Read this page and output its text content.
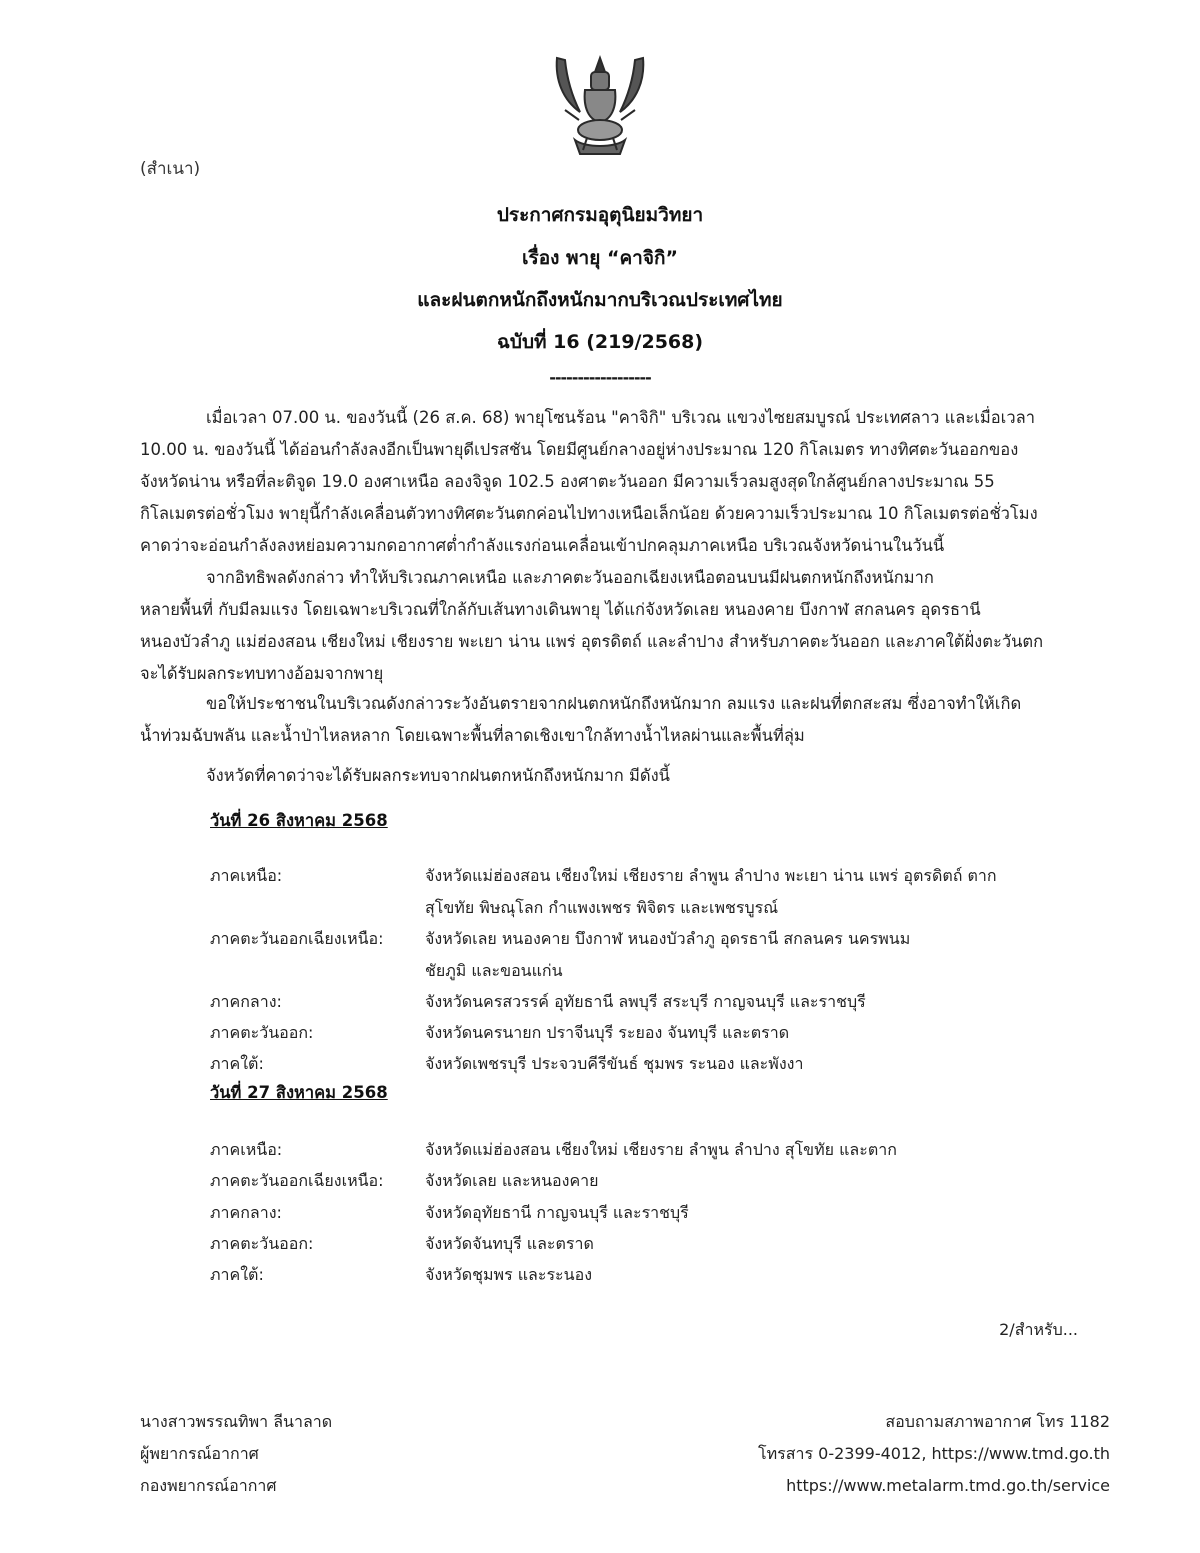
(สำเนา)
ประกาศกรมอุตุนิยมวิทยา
เรื่อง พายุ “คาจิกิ”
และฝนตกหนักถึงหนักมากบริเวณประเทศไทย
ฉบับที่ 16 (219/2568)
------------------
เมื่อเวลา 07.00 น. ของวันนี้ (26 ส.ค. 68) พายุโซนร้อน "คาจิกิ" บริเวณ แขวงไซยสมบูรณ์ ประเทศลาว และเมื่อเวลา
10.00 น. ของวันนี้ ได้อ่อนกำลังลงอีกเป็นพายุดีเปรสชัน โดยมีศูนย์กลางอยู่ห่างประมาณ 120 กิโลเมตร ทางทิศตะวันออกของ
จังหวัดน่าน หรือที่ละติจูด 19.0 องศาเหนือ ลองจิจูด 102.5 องศาตะวันออก มีความเร็วลมสูงสุดใกล้ศูนย์กลางประมาณ 55
กิโลเมตรต่อชั่วโมง พายุนี้กำลังเคลื่อนตัวทางทิศตะวันตกค่อนไปทางเหนือเล็กน้อย ด้วยความเร็วประมาณ 10 กิโลเมตรต่อชั่วโมง
คาดว่าจะอ่อนกำลังลงหย่อมความกดอากาศต่ำกำลังแรงก่อนเคลื่อนเข้าปกคลุมภาคเหนือ บริเวณจังหวัดน่านในวันนี้
จากอิทธิพลดังกล่าว ทำให้บริเวณภาคเหนือ และภาคตะวันออกเฉียงเหนือตอนบนมีฝนตกหนักถึงหนักมาก
หลายพื้นที่ กับมีลมแรง โดยเฉพาะบริเวณที่ใกล้กับเส้นทางเดินพายุ ได้แก่จังหวัดเลย หนองคาย บึงกาฬ สกลนคร อุดรธานี
หนองบัวลำภู แม่ฮ่องสอน เชียงใหม่ เชียงราย พะเยา น่าน แพร่ อุตรดิตถ์ และลำปาง สำหรับภาคตะวันออก และภาคใต้ฝั่งตะวันตก
จะได้รับผลกระทบทางอ้อมจากพายุ
ขอให้ประชาชนในบริเวณดังกล่าวระวังอันตรายจากฝนตกหนักถึงหนักมาก ลมแรง และฝนที่ตกสะสม ซึ่งอาจทำให้เกิด
น้ำท่วมฉับพลัน และน้ำป่าไหลหลาก โดยเฉพาะพื้นที่ลาดเชิงเขาใกล้ทางน้ำไหลผ่านและพื้นที่ลุ่ม
จังหวัดที่คาดว่าจะได้รับผลกระทบจากฝนตกหนักถึงหนักมาก มีดังนี้
วันที่ 26 สิงหาคม 2568
ภาคเหนือ:	จังหวัดแม่ฮ่องสอน เชียงใหม่ เชียงราย ลำพูน ลำปาง พะเยา น่าน แพร่ อุตรดิตถ์ ตาก
สุโขทัย พิษณุโลก กำแพงเพชร พิจิตร และเพชรบูรณ์
ภาคตะวันออกเฉียงเหนือ:	จังหวัดเลย หนองคาย บึงกาฬ หนองบัวลำภู อุดรธานี สกลนคร นครพนม
ชัยภูมิ และขอนแก่น
ภาคกลาง:	จังหวัดนครสวรรค์ อุทัยธานี ลพบุรี สระบุรี กาญจนบุรี และราชบุรี
ภาคตะวันออก:	จังหวัดนครนายก ปราจีนบุรี ระยอง จันทบุรี และตราด
ภาคใต้:	จังหวัดเพชรบุรี ประจวบคีรีขันธ์ ชุมพร ระนอง และพังงา
วันที่ 27 สิงหาคม 2568
ภาคเหนือ:	จังหวัดแม่ฮ่องสอน เชียงใหม่ เชียงราย ลำพูน ลำปาง สุโขทัย และตาก
ภาคตะวันออกเฉียงเหนือ:	จังหวัดเลย และหนองคาย
ภาคกลาง:	จังหวัดอุทัยธานี กาญจนบุรี และราชบุรี
ภาคตะวันออก:	จังหวัดจันทบุรี และตราด
ภาคใต้:	จังหวัดชุมพร และระนอง
2/สำหรับ...
นางสาวพรรณทิพา ลีนาลาด
ผู้พยากรณ์อากาศ
กองพยากรณ์อากาศ
สอบถามสภาพอากาศ โทร 1182
โทรสาร 0-2399-4012, https://www.tmd.go.th
https://www.metalarm.tmd.go.th/service
